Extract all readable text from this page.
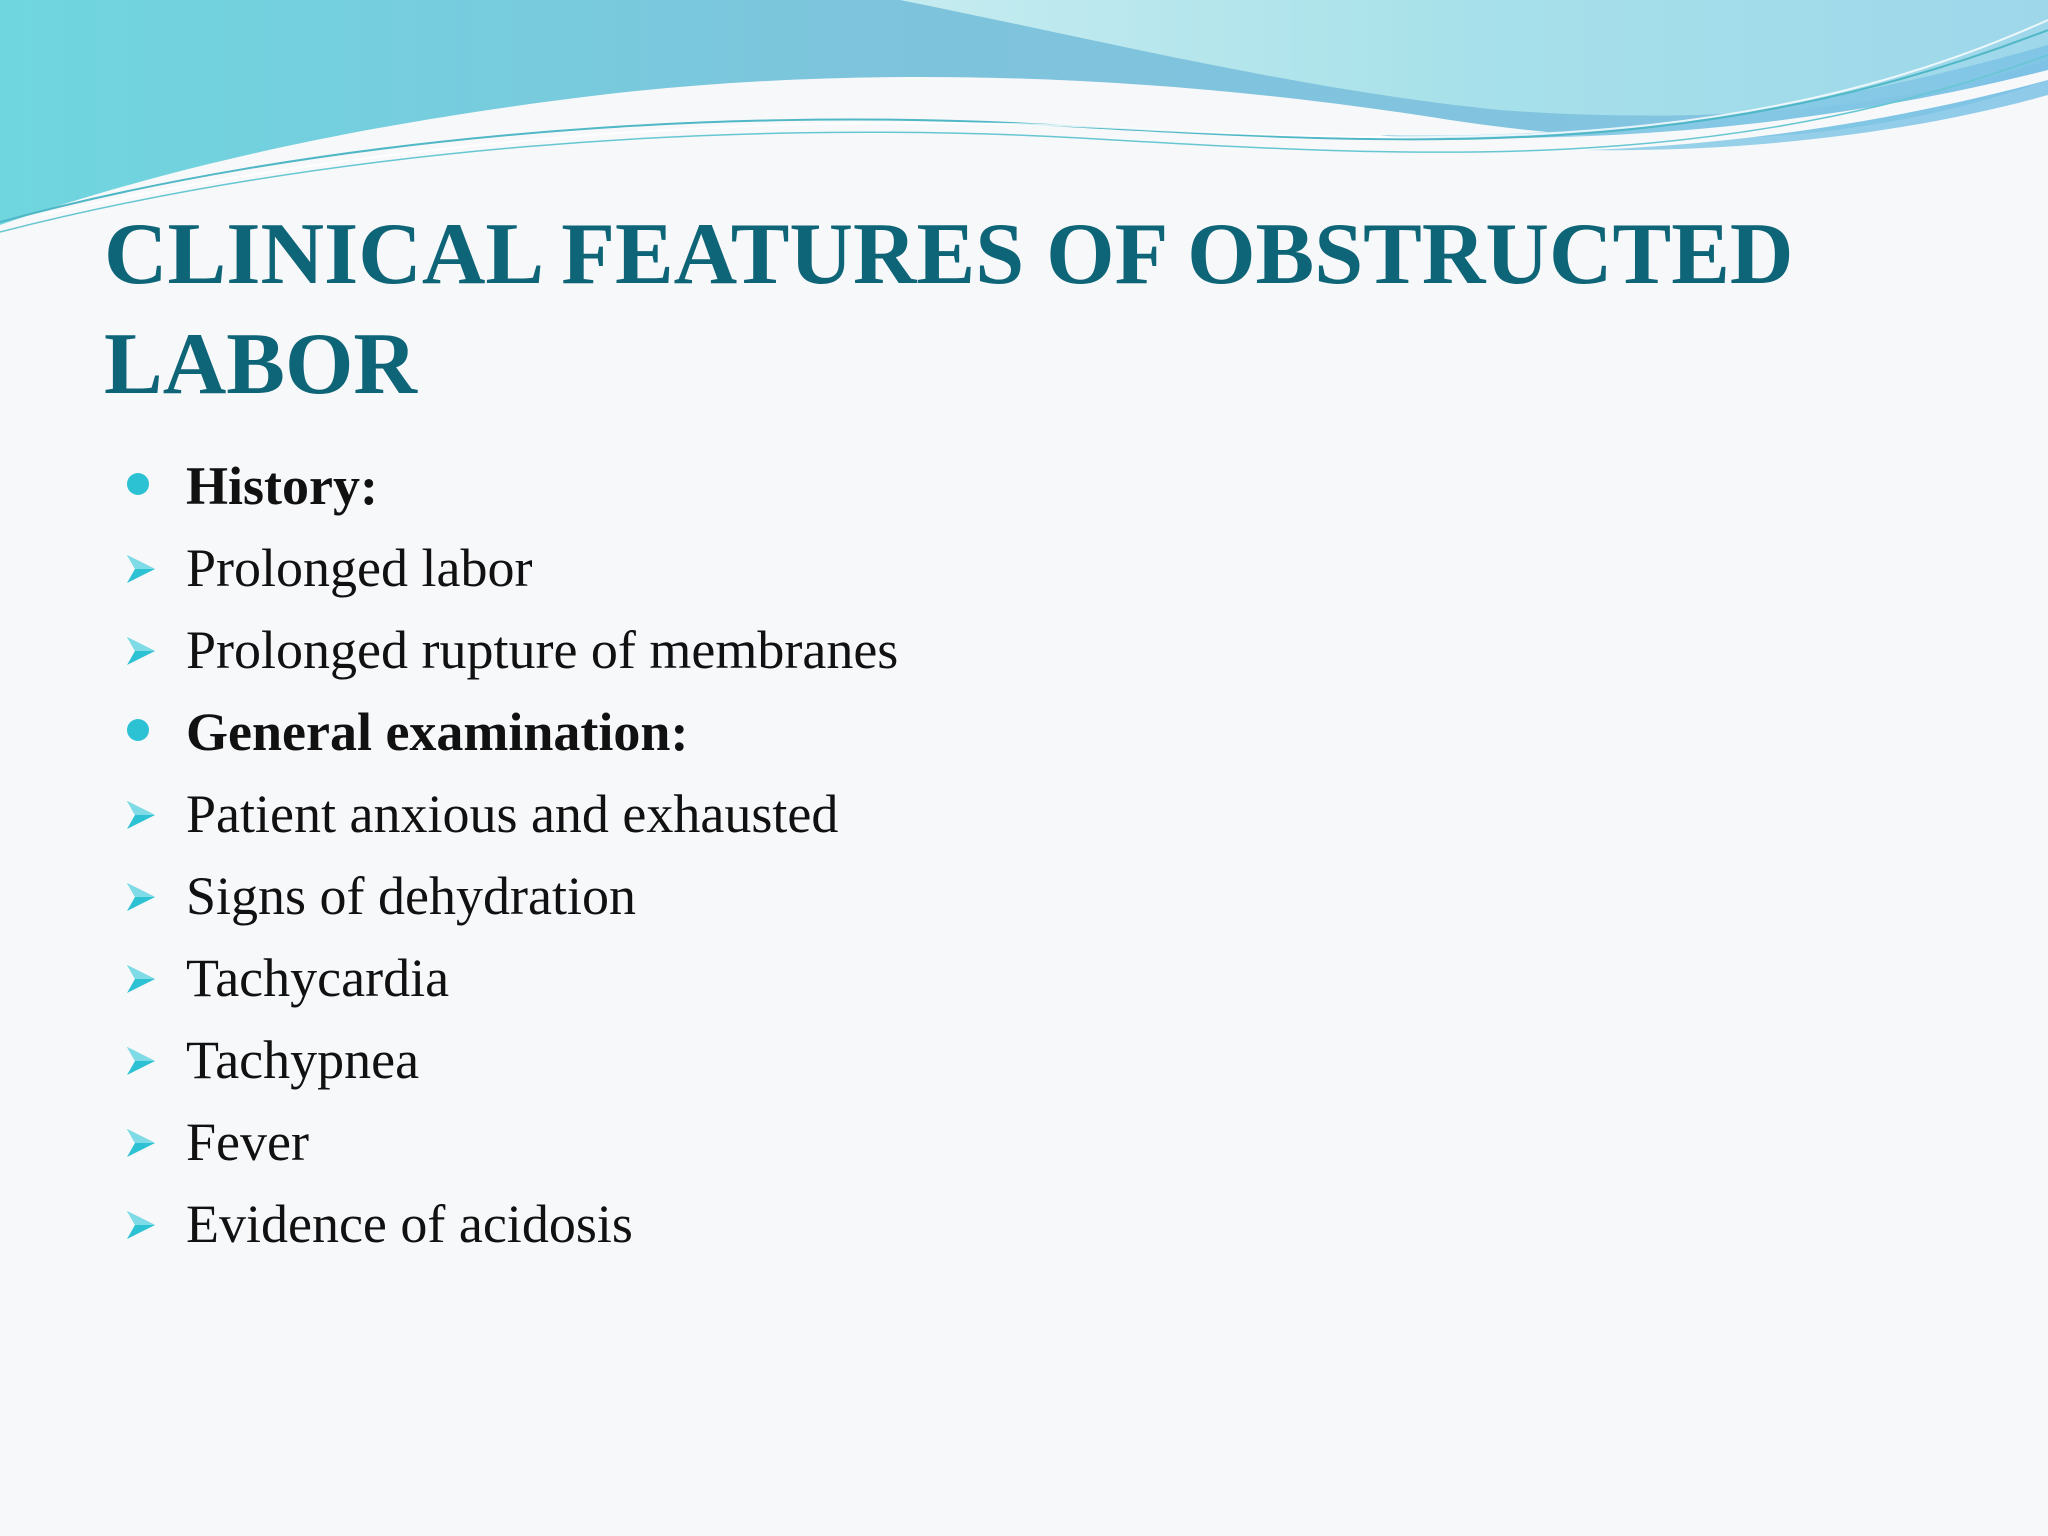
CLINICAL FEATURES OF OBSTRUCTED LABOR
History:
Prolonged labor
Prolonged rupture of membranes
General examination:
Patient anxious and exhausted
Signs of dehydration
Tachycardia
Tachypnea
Fever
Evidence of acidosis
